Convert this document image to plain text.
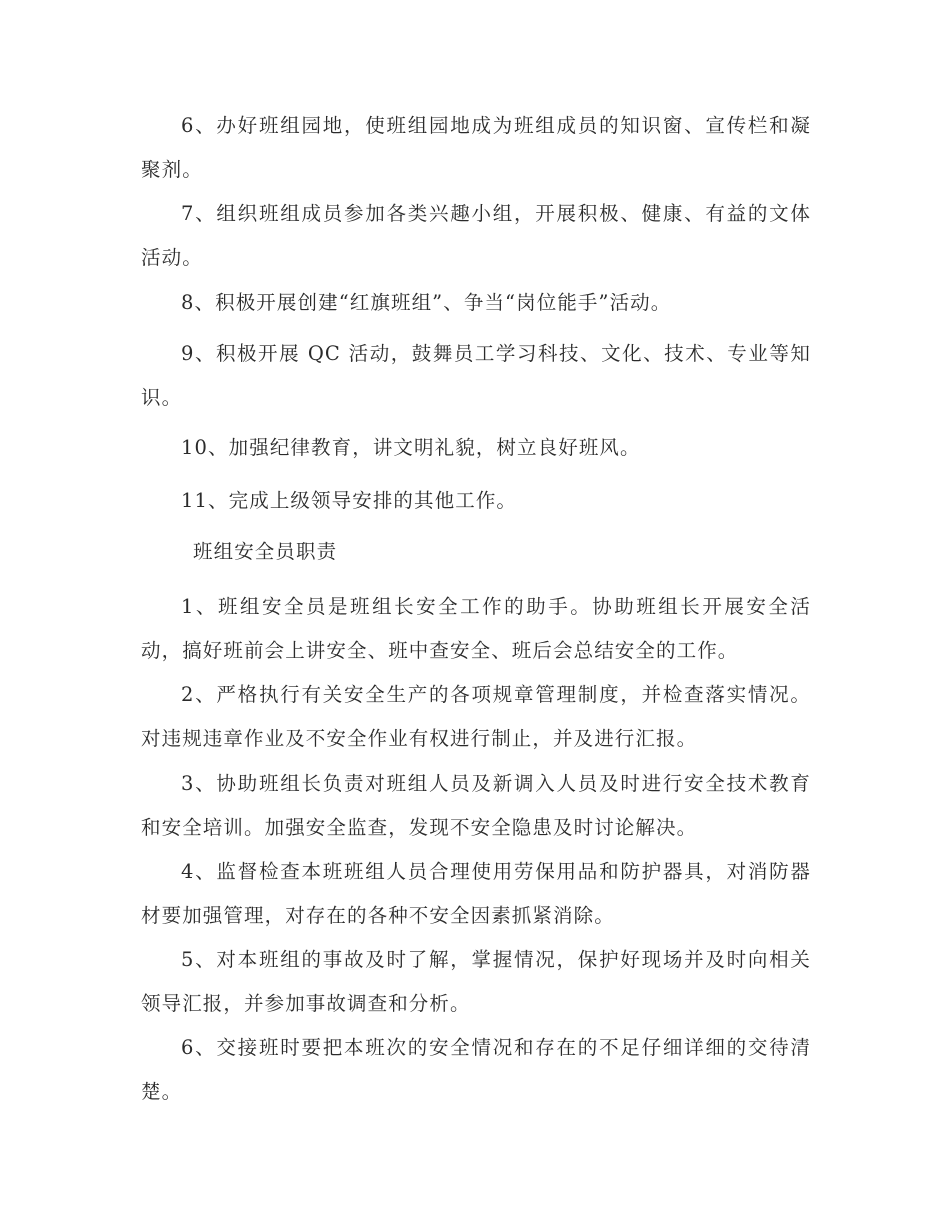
6、办好班组园地，使班组园地成为班组成员的知识窗、宣传栏和凝聚剂。

7、组织班组成员参加各类兴趣小组，开展积极、健康、有益的文体活动。

8、积极开展创建“红旗班组”、争当“岗位能手”活动。

9、积极开展 QC 活动，鼓舞员工学习科技、文化、技术、专业等知识。

10、加强纪律教育，讲文明礼貌，树立良好班风。

11、完成上级领导安排的其他工作。

班组安全员职责

1、班组安全员是班组长安全工作的助手。协助班组长开展安全活动，搞好班前会上讲安全、班中查安全、班后会总结安全的工作。

2、严格执行有关安全生产的各项规章管理制度，并检查落实情况。对违规违章作业及不安全作业有权进行制止，并及进行汇报。

3、协助班组长负责对班组人员及新调入人员及时进行安全技术教育和安全培训。加强安全监查，发现不安全隐患及时讨论解决。

4、监督检查本班班组人员合理使用劳保用品和防护器具，对消防器材要加强管理，对存在的各种不安全因素抓紧消除。

5、对本班组的事故及时了解，掌握情况，保护好现场并及时向相关领导汇报，并参加事故调查和分析。

6、交接班时要把本班次的安全情况和存在的不足仔细详细的交待清楚。
